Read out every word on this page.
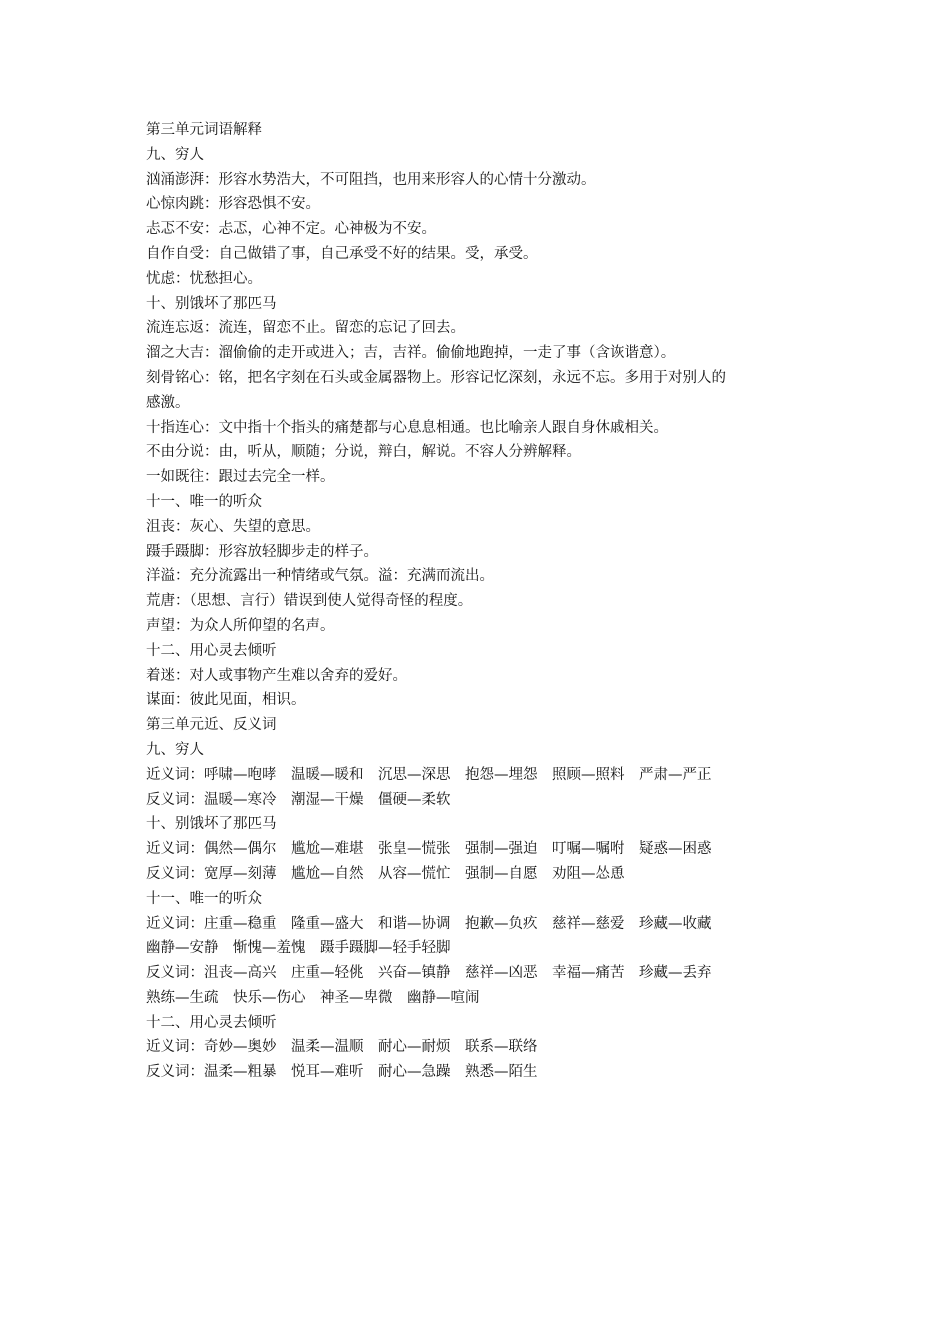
第三单元词语解释

九、穷人

汹涌澎湃：形容水势浩大，不可阻挡，也用来形容人的心情十分激动。

心惊肉跳：形容恐惧不安。

忐忑不安：忐忑，心神不定。心神极为不安。

自作自受：自己做错了事，自己承受不好的结果。受，承受。

忧虑：忧愁担心。

十、别饿坏了那匹马

流连忘返：流连，留恋不止。留恋的忘记了回去。

溜之大吉：溜偷偷的走开或进入；吉，吉祥。偷偷地跑掉，一走了事（含诙谐意）。

刻骨铭心：铭，把名字刻在石头或金属器物上。形容记忆深刻，永远不忘。多用于对别人的

感激。

十指连心：文中指十个指头的痛楚都与心息息相通。也比喻亲人跟自身休戚相关。

不由分说：由，听从，顺随；分说，辩白，解说。不容人分辨解释。

一如既往：跟过去完全一样。

十一、唯一的听众

沮丧：灰心、失望的意思。

蹑手蹑脚：形容放轻脚步走的样子。

洋溢：充分流露出一种情绪或气氛。溢：充满而流出。

荒唐：（思想、言行）错误到使人觉得奇怪的程度。

声望：为众人所仰望的名声。

十二、用心灵去倾听

着迷：对人或事物产生难以舍弃的爱好。

谋面：彼此见面，相识。

第三单元近、反义词

九、穷人

近义词：呼啸—咆哮　温暖—暖和　沉思—深思　抱怨—埋怨　照顾—照料　严肃—严正

反义词：温暖—寒冷　潮湿—干燥　僵硬—柔软

十、别饿坏了那匹马

近义词：偶然—偶尔　尴尬—难堪　张皇—慌张　强制—强迫　叮嘱—嘱咐　疑惑—困惑

反义词：宽厚—刻薄　尴尬—自然　从容—慌忙　强制—自愿　劝阻—怂恿

十一、唯一的听众

近义词：庄重—稳重　隆重—盛大　和谐—协调　抱歉—负疚　慈祥—慈爱　珍藏—收藏

幽静—安静　惭愧—羞愧　蹑手蹑脚—轻手轻脚

反义词：沮丧—高兴　庄重—轻佻　兴奋—镇静　慈祥—凶恶　幸福—痛苦　珍藏—丢弃

熟练—生疏　快乐—伤心　神圣—卑微　幽静—喧闹

十二、用心灵去倾听

近义词：奇妙—奥妙　温柔—温顺　耐心—耐烦　联系—联络

反义词：温柔—粗暴　悦耳—难听　耐心—急躁　熟悉—陌生
